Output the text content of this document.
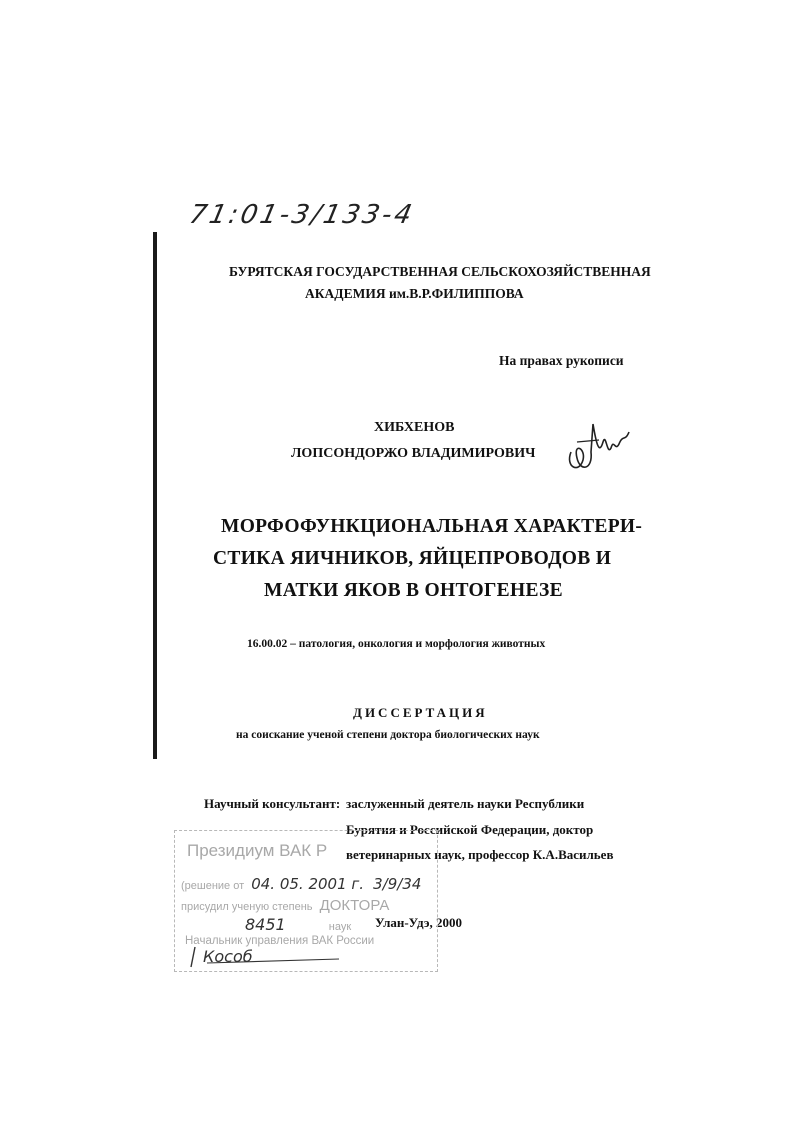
71:01-3/133-4
БУРЯТСКАЯ ГОСУДАРСТВЕННАЯ СЕЛЬСКОХОЗЯЙСТВЕННАЯ
АКАДЕМИЯ им.В.Р.ФИЛИППОВА
На правах рукописи
ХИБХЕНОВ
ЛОПСОНДОРЖО ВЛАДИМИРОВИЧ
МОРФОФУНКЦИОНАЛЬНАЯ ХАРАКТЕРИ-
СТИКА ЯИЧНИКОВ, ЯЙЦЕПРОВОДОВ И
МАТКИ ЯКОВ В ОНТОГЕНЕЗЕ
16.00.02 – патология, онкология и морфология животных
ДИССЕРТАЦИЯ
на соискание ученой степени доктора биологических наук
Научный консультант: заслуженный деятель науки Республики
Бурятия и Российской Федерации, доктор
ветеринарных наук, профессор К.А.Васильев
Улан-Удэ, 2000
Президиум ВАК Р
(решение от 04. 05. 2001 г. 3/9/34
присудил ученую степень ДОКТОРА
8451	наук
Начальник управления ВАК России
Кособ
